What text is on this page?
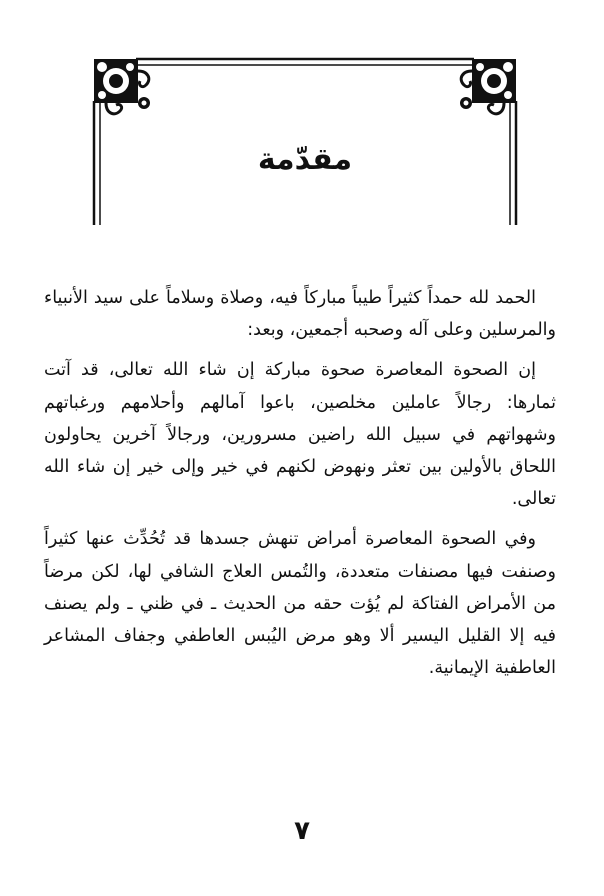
مقدّمة

الحمد لله حمداً كثيراً طيباً مباركاً فيه، وصلاة وسلاماً على سيد الأنبياء والمرسلين وعلى آله وصحبه أجمعين، وبعد:

إن الصحوة المعاصرة صحوة مباركة إن شاء الله تعالى، قد آتت ثمارها: رجالاً عاملين مخلصين، باعوا آمالهم وأحلامهم ورغباتهم وشهواتهم في سبيل الله راضين مسرورين، ورجالاً آخرين يحاولون اللحاق بالأولين بين تعثر ونهوض لكنهم في خير وإلى خير إن شاء الله تعالى.

وفي الصحوة المعاصرة أمراض تنهش جسدها قد تُحُدِّث عنها كثيراً وصنفت فيها مصنفات متعددة، والتُمس العلاج الشافي لها، لكن مرضاً من الأمراض الفتاكة لم يُؤت حقه من الحديث ـ في ظني ـ ولم يصنف فيه إلا القليل اليسير ألا وهو مرض اليُبس العاطفي وجفاف المشاعر العاطفية الإيمانية.

٧
